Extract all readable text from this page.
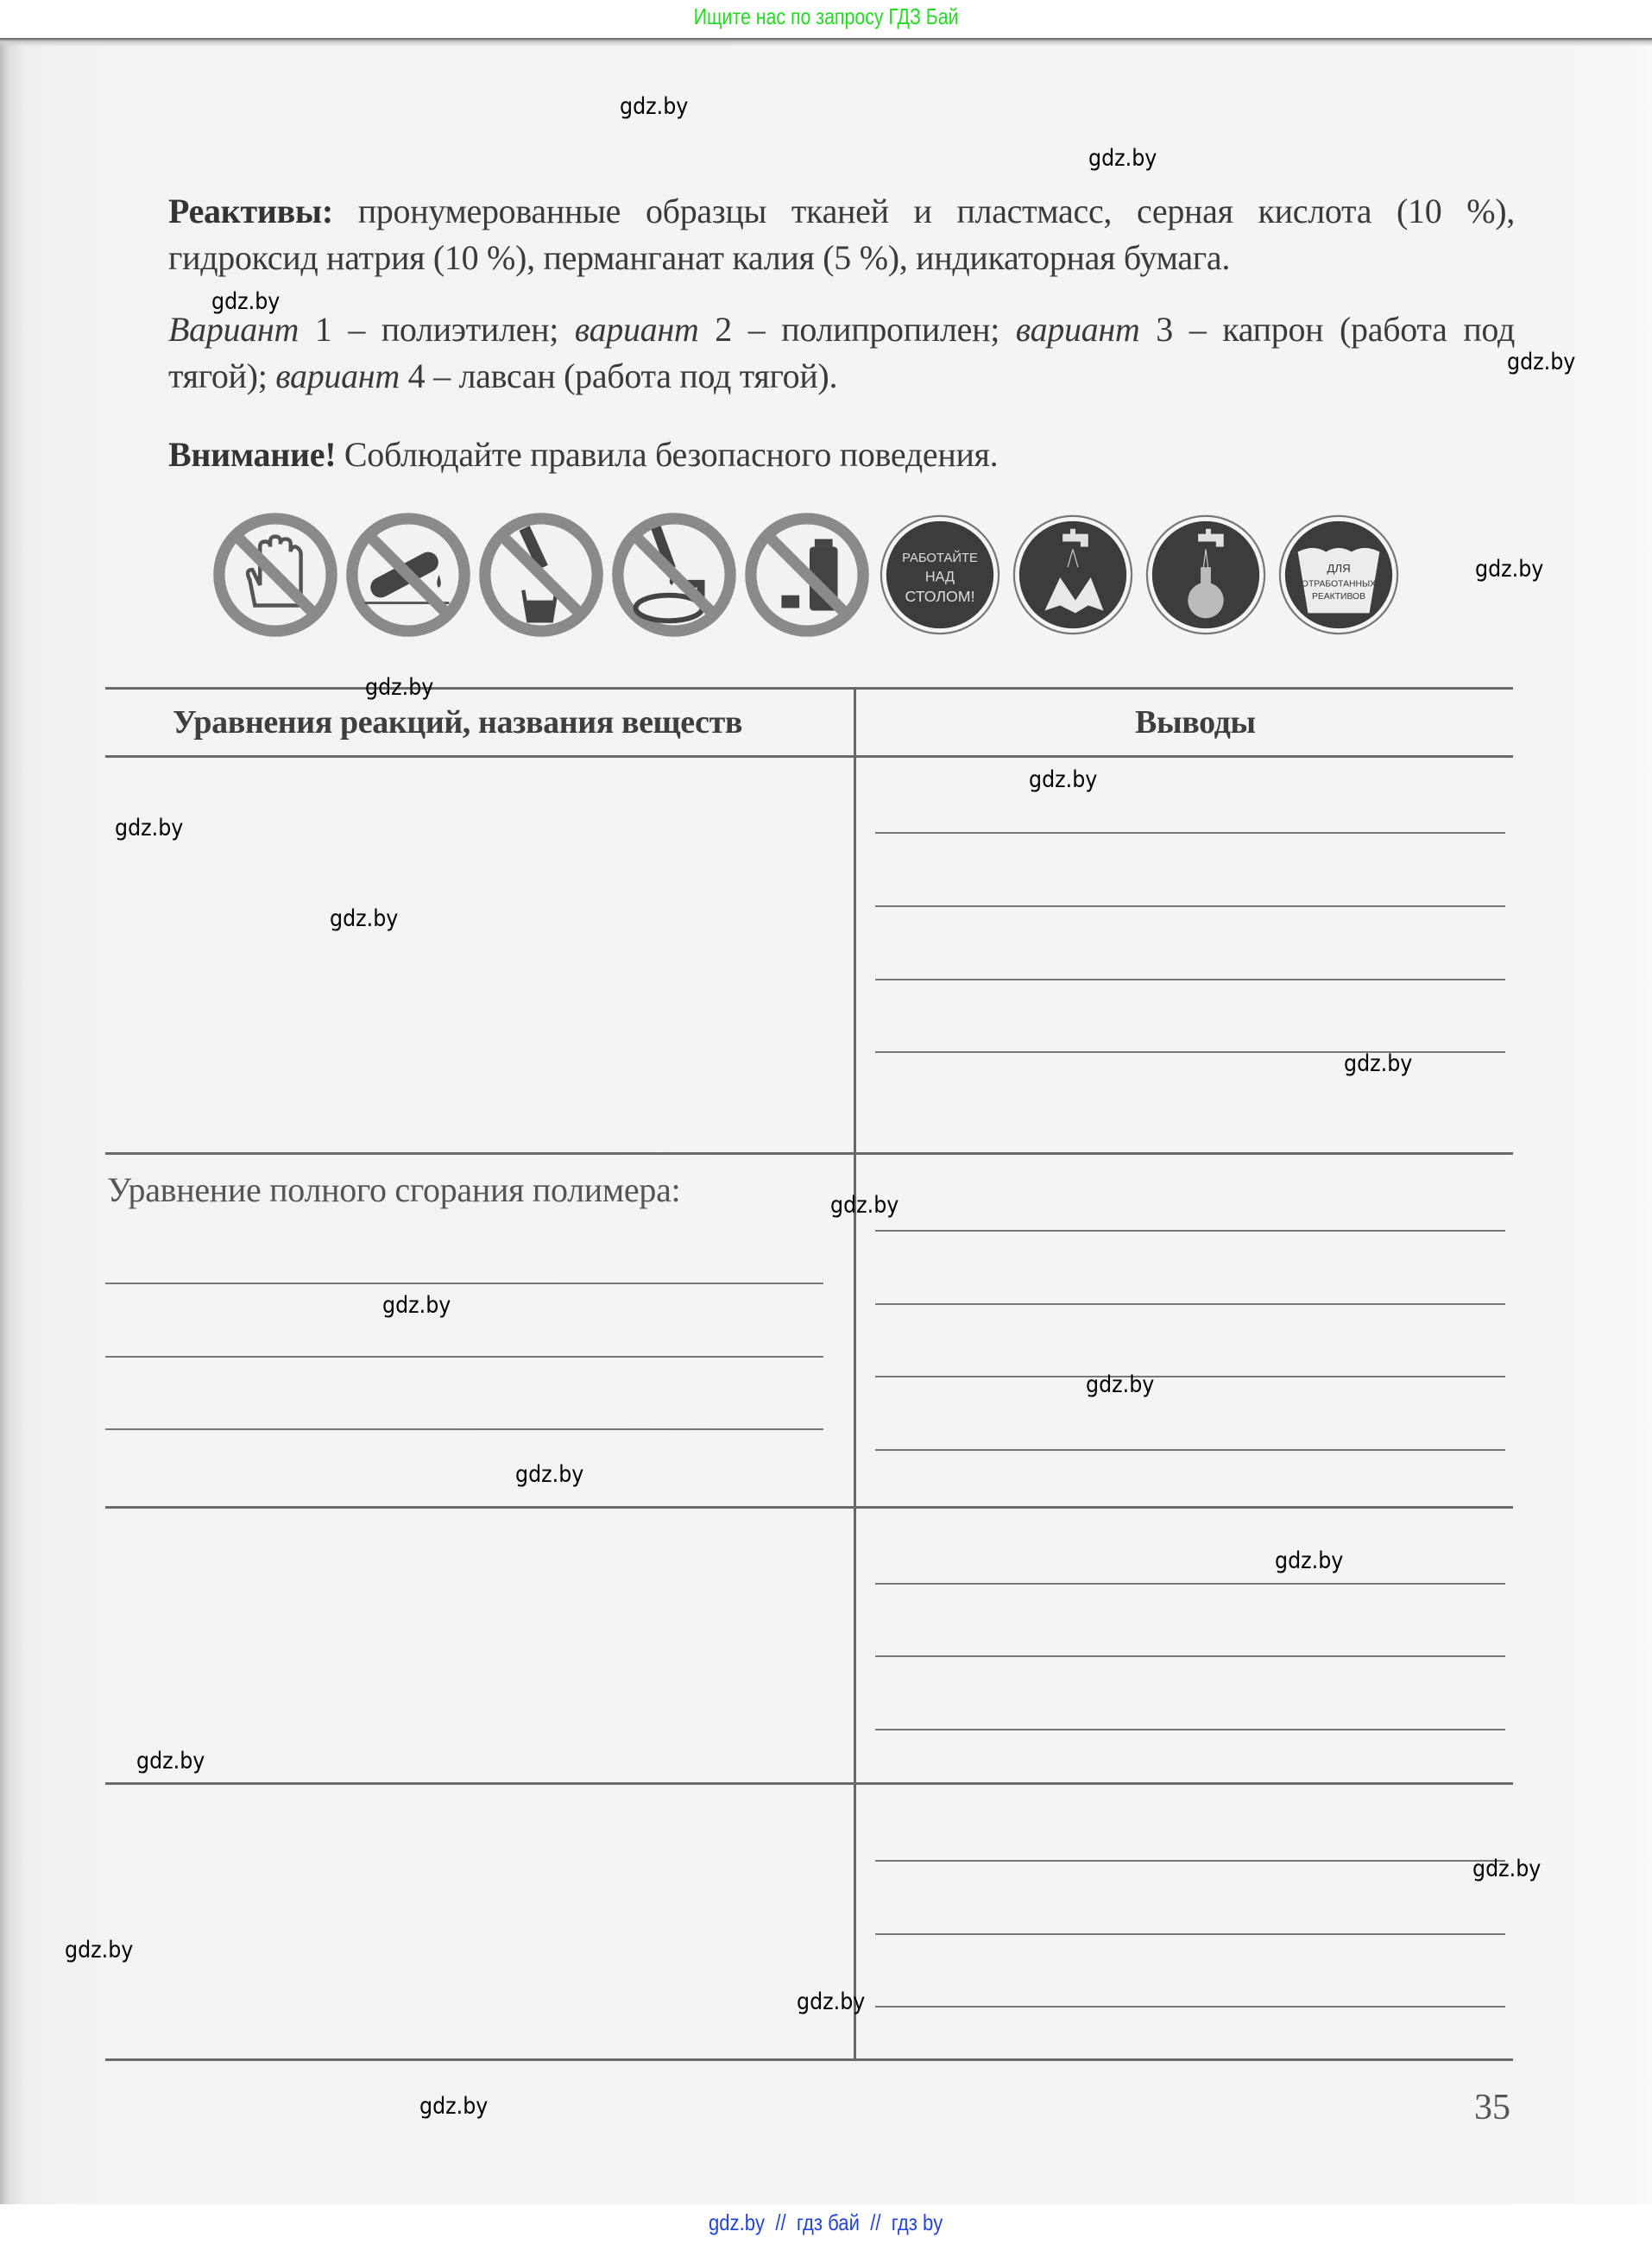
Ищите нас по запросу ГДЗ Бай
Реактивы: пронумерованные образцы тканей и пластмасс, серная кислота (10 %), гидроксид натрия (10 %), перманганат калия (5 %), индикаторная бумага.
Вариант 1 – полиэтилен; вариант 2 – полипропилен; вариант 3 – капрон (работа под тягой); вариант 4 – лавсан (работа под тягой).
Внимание! Соблюдайте правила безопасного поведения.
РАБОТАЙТЕ
НАД
СТОЛОМ!
ДЛЯ
ОТРАБОТАННЫХ
РЕАКТИВОВ
Уравнения реакций, названия веществ	Выводы
Уравнение полного сгорания полимера:
35
gdz.by
gdz.by
gdz.by
gdz.by
gdz.by
gdz.by
gdz.by
gdz.by
gdz.by
gdz.by
gdz.by
gdz.by
gdz.by
gdz.by
gdz.by
gdz.by
gdz.by
gdz.by
gdz.by
gdz.by
gdz.by  //  гдз бай  //  гдз by
